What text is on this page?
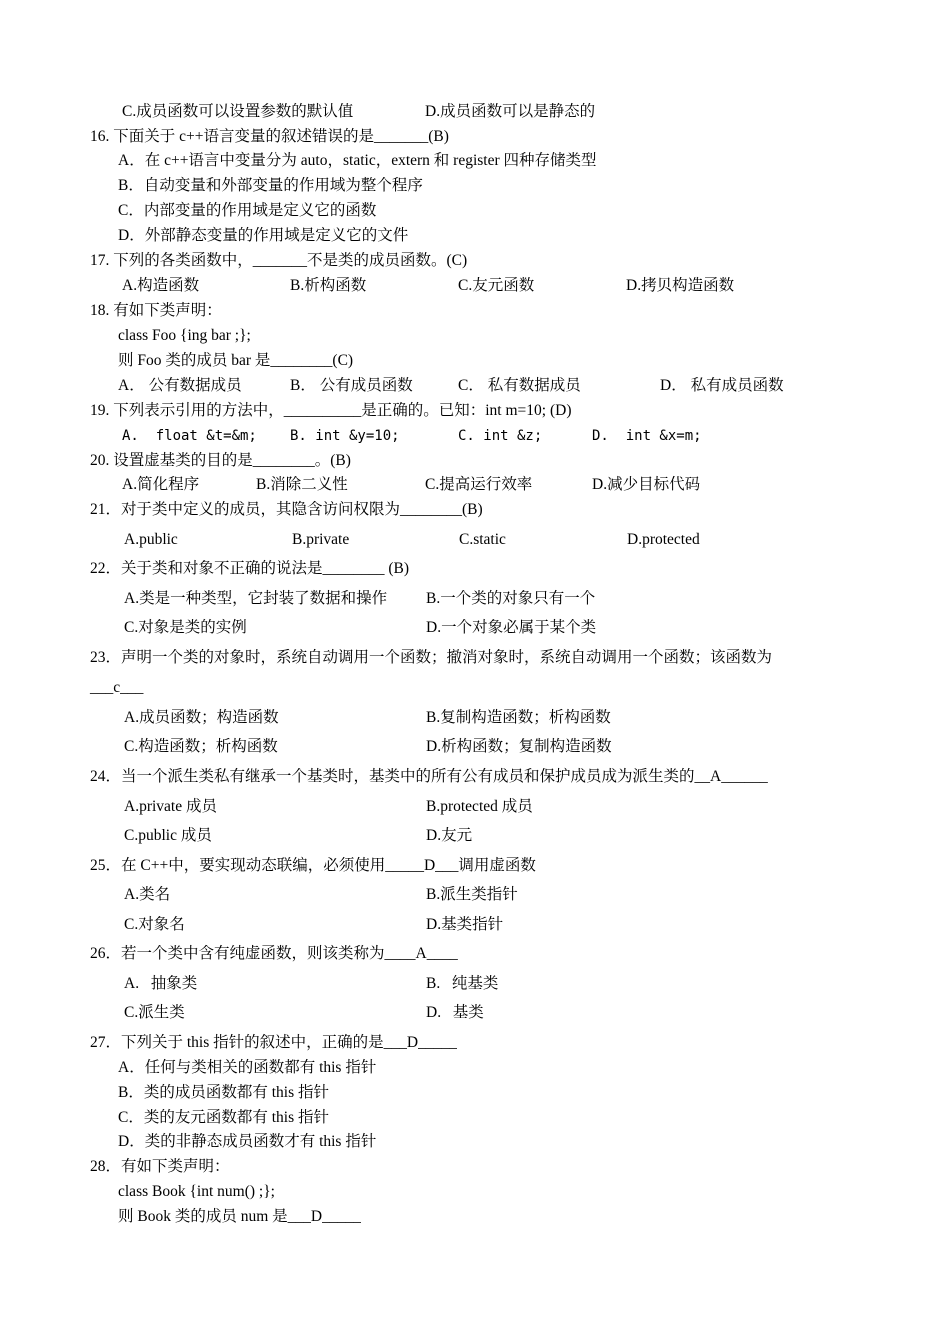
C.成员函数可以设置参数的默认值	D.成员函数可以是静态的
16. 下面关于 c++语言变量的叙述错误的是_______(B)
A．在 c++语言中变量分为 auto，static，extern 和 register 四种存储类型
B．自动变量和外部变量的作用域为整个程序
C．内部变量的作用域是定义它的函数
D．外部静态变量的作用域是定义它的文件
17. 下列的各类函数中，_______不是类的成员函数。(C)
A.构造函数	B.析构函数	C.友元函数	D.拷贝构造函数
18. 有如下类声明：
class Foo {ing bar ;};
则 Foo 类的成员 bar 是________(C)
A． 公有数据成员	B． 公有成员函数	C． 私有数据成员	D． 私有成员函数
19. 下列表示引用的方法中，__________是正确的。已知：int m=10; (D)
A.  float &t=&m; B. int &y=10;	C. int &z;	D.  int &x=m;
20. 设置虚基类的目的是________。(B)
A.简化程序	B.消除二义性	C.提高运行效率	D.减少目标代码
21．对于类中定义的成员，其隐含访问权限为________(B)
A.public	B.private	C.static	D.protected
22．关于类和对象不正确的说法是________ (B)
A.类是一种类型，它封装了数据和操作	B.一个类的对象只有一个
C.对象是类的实例	D.一个对象必属于某个类
23．声明一个类的对象时，系统自动调用一个函数；撤消对象时，系统自动调用一个函数；该函数为
___c___
A.成员函数；构造函数	B.复制构造函数；析构函数
C.构造函数；析构函数	D.析构函数；复制构造函数
24．当一个派生类私有继承一个基类时，基类中的所有公有成员和保护成员成为派生类的__A______
A.private 成员	B.protected 成员
C.public 成员	D.友元
25．在 C++中，要实现动态联编，必须使用_____D___调用虚函数
A.类名	B.派生类指针
C.对象名	D.基类指针
26．若一个类中含有纯虚函数，则该类称为____A____
A.   抽象类	B.   纯基类
C.派生类	D.   基类
27．下列关于 this 指针的叙述中，正确的是___D_____
A．任何与类相关的函数都有 this 指针
B．类的成员函数都有 this 指针
C．类的友元函数都有 this 指针
D．类的非静态成员函数才有 this 指针
28．有如下类声明：
class Book {int num() ;};
则 Book 类的成员 num 是___D_____
